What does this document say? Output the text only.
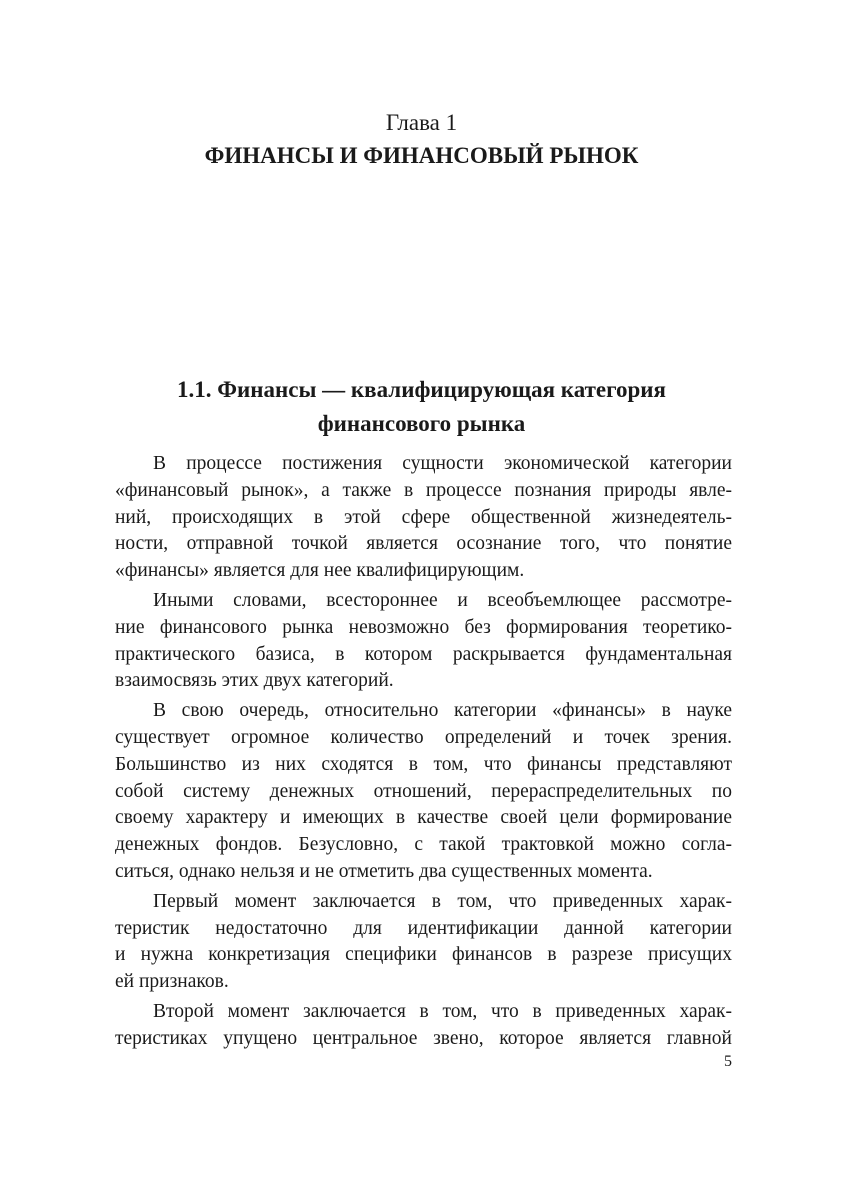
Глава 1
ФИНАНСЫ И ФИНАНСОВЫЙ РЫНОК
1.1. Финансы — квалифицирующая категория
финансового рынка
В процессе постижения сущности экономической категории
«финансовый рынок», а также в процессе познания природы явле-
ний, происходящих в этой сфере общественной жизнедеятель-
ности, отправной точкой является осознание того, что понятие
«финансы» является для нее квалифицирующим.
Иными словами, всестороннее и всеобъемлющее рассмотре-
ние финансового рынка невозможно без формирования теоретико-
практического базиса, в котором раскрывается фундаментальная
взаимосвязь этих двух категорий.
В свою очередь, относительно категории «финансы» в науке
существует огромное количество определений и точек зрения.
Большинство из них сходятся в том, что финансы представляют
собой систему денежных отношений, перераспределительных по
своему характеру и имеющих в качестве своей цели формирование
денежных фондов. Безусловно, с такой трактовкой можно согла-
ситься, однако нельзя и не отметить два существенных момента.
Первый момент заключается в том, что приведенных харак-
теристик недостаточно для идентификации данной категории
и нужна конкретизация специфики финансов в разрезе присущих
ей признаков.
Второй момент заключается в том, что в приведенных харак-
теристиках упущено центральное звено, которое является главной
5
